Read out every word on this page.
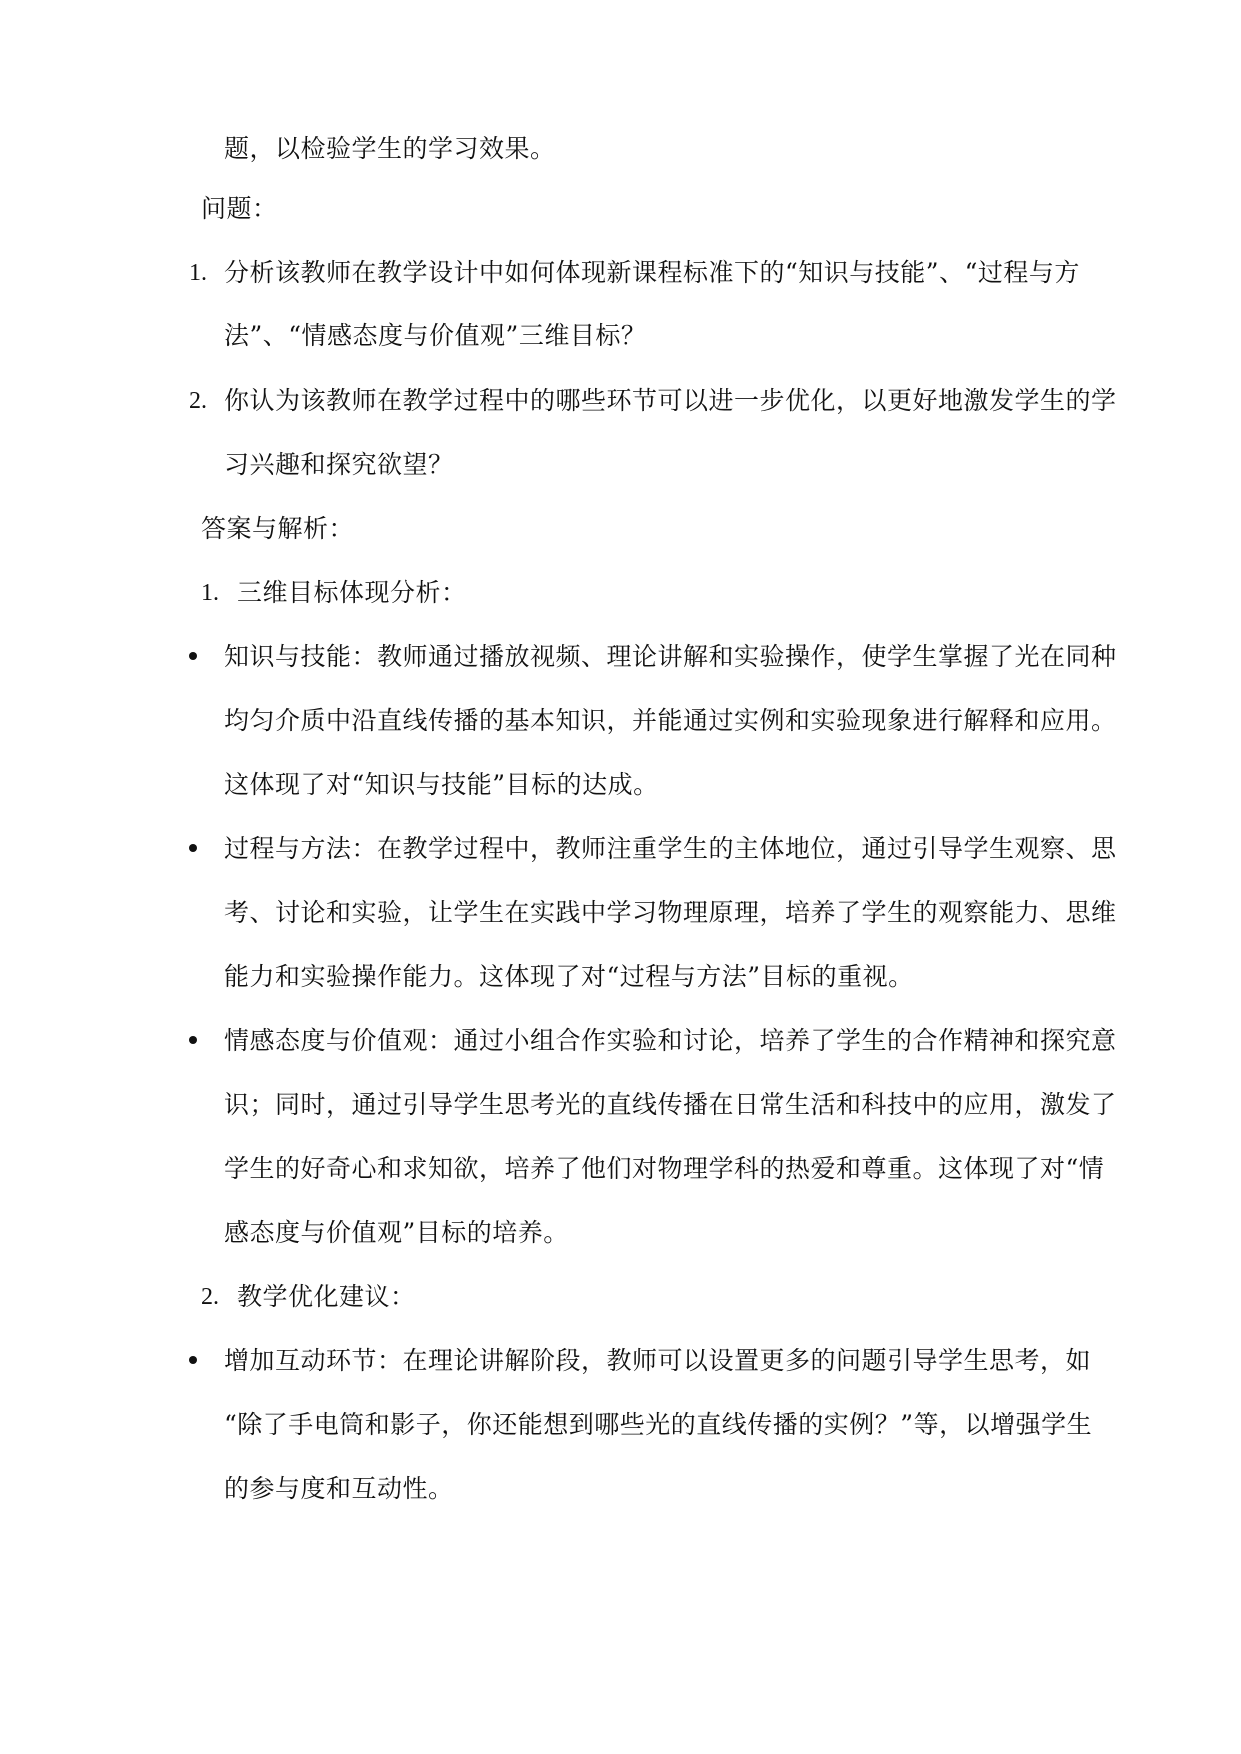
题，以检验学生的学习效果。
问题：
1. 分析该教师在教学设计中如何体现新课程标准下的“知识与技能”、“过程与方
法”、“情感态度与价值观”三维目标？
2. 你认为该教师在教学过程中的哪些环节可以进一步优化，以更好地激发学生的学
习兴趣和探究欲望？
答案与解析：
1. 三维目标体现分析：
知识与技能：教师通过播放视频、理论讲解和实验操作，使学生掌握了光在同种
均匀介质中沿直线传播的基本知识，并能通过实例和实验现象进行解释和应用。
这体现了对“知识与技能”目标的达成。
过程与方法：在教学过程中，教师注重学生的主体地位，通过引导学生观察、思
考、讨论和实验，让学生在实践中学习物理原理，培养了学生的观察能力、思维
能力和实验操作能力。这体现了对“过程与方法”目标的重视。
情感态度与价值观：通过小组合作实验和讨论，培养了学生的合作精神和探究意
识；同时，通过引导学生思考光的直线传播在日常生活和科技中的应用，激发了
学生的好奇心和求知欲，培养了他们对物理学科的热爱和尊重。这体现了对“情
感态度与价值观”目标的培养。
2. 教学优化建议：
增加互动环节：在理论讲解阶段，教师可以设置更多的问题引导学生思考，如
“除了手电筒和影子，你还能想到哪些光的直线传播的实例？”等，以增强学生
的参与度和互动性。
